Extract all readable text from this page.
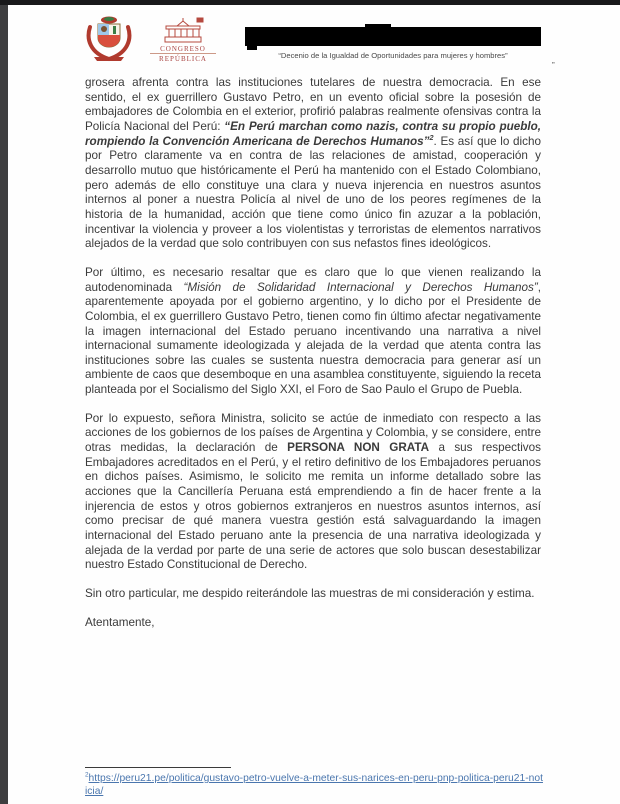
CONGRESO
REPÚBLICA	“Decenio de la Igualdad de Oportunidades para mujeres y hombres”
”

grosera afrenta contra las instituciones tutelares de nuestra democracia. En ese sentido, el ex guerrillero Gustavo Petro, en un evento oficial sobre la posesión de embajadores de Colombia en el exterior, profirió palabras realmente ofensivas contra la Policía Nacional del Perú: “En Perú marchan como nazis, contra su propio pueblo, rompiendo la Convención Americana de Derechos Humanos”$^2$. Es así que lo dicho por Petro claramente va en contra de las relaciones de amistad, cooperación y desarrollo mutuo que históricamente el Perú ha mantenido con el Estado Colombiano, pero además de ello constituye una clara y nueva injerencia en nuestros asuntos internos al poner a nuestra Policía al nivel de uno de los peores regímenes de la historia de la humanidad, acción que tiene como único fin azuzar a la población, incentivar la violencia y proveer a los violentistas y terroristas de elementos narrativos alejados de la verdad que solo contribuyen con sus nefastos fines ideológicos.

Por último, es necesario resaltar que es claro que lo que vienen realizando la autodenominada “Misión de Solidaridad Internacional y Derechos Humanos”, aparentemente apoyada por el gobierno argentino, y lo dicho por el Presidente de Colombia, el ex guerrillero Gustavo Petro, tienen como fin último afectar negativamente la imagen internacional del Estado peruano incentivando una narrativa a nivel internacional sumamente ideologizada y alejada de la verdad que atenta contra las instituciones sobre las cuales se sustenta nuestra democracia para generar así un ambiente de caos que desemboque en una asamblea constituyente, siguiendo la receta planteada por el Socialismo del Siglo XXI, el Foro de Sao Paulo el Grupo de Puebla.

Por lo expuesto, señora Ministra, solicito se actúe de inmediato con respecto a las acciones de los gobiernos de los países de Argentina y Colombia, y se considere, entre otras medidas, la declaración de PERSONA NON GRATA a sus respectivos Embajadores acreditados en el Perú, y el retiro definitivo de los Embajadores peruanos en dichos países. Asimismo, le solicito me remita un informe detallado sobre las acciones que la Cancillería Peruana está emprendiendo a fin de hacer frente a la injerencia de estos y otros gobiernos extranjeros en nuestros asuntos internos, así como precisar de qué manera vuestra gestión está salvaguardando la imagen internacional del Estado peruano ante la presencia de una narrativa ideologizada y alejada de la verdad por parte de una serie de actores que solo buscan desestabilizar nuestro Estado Constitucional de Derecho.

Sin otro particular, me despido reiterándole las muestras de mi consideración y estima.

Atentamente,

$^2$https://peru21.pe/politica/gustavo-petro-vuelve-a-meter-sus-narices-en-peru-pnp-politica-peru21-noticia/
